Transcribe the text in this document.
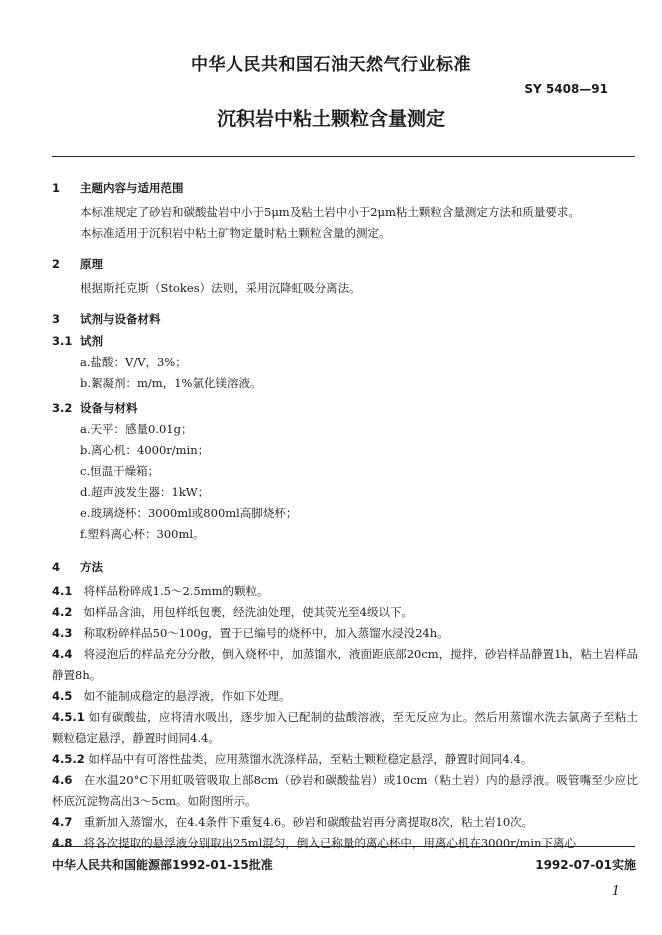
中华人民共和国石油天然气行业标准
SY 5408—91
沉积岩中粘土颗粒含量测定
1 主题内容与适用范围

本标准规定了砂岩和碳酸盐岩中小于5μm及粘土岩中小于2μm粘土颗粒含量测定方法和质量要求。

本标准适用于沉积岩中粘土矿物定量时粘土颗粒含量的测定。

2 原理

根据斯托克斯（Stokes）法则，采用沉降虹吸分离法。

3 试剂与设备材料
3.1 试剂
a.盐酸：V/V，3%；
b.絮凝剂：m/m，1%氯化镁溶液。
3.2 设备与材料
a.天平：感量0.01g；
b.离心机：4000r/min；
c.恒温干燥箱；
d.超声波发生器：1kW；
e.玻璃烧杯：3000ml或800ml高脚烧杯；
f.塑料离心杯：300ml。
4 方法

4.1 将样品粉碎成1.5～2.5mm的颗粒。

4.2 如样品含油，用包样纸包裹，经洗油处理，使其荧光至4级以下。

4.3 称取粉碎样品50～100g，置于已编号的烧杯中，加入蒸馏水浸没24h。

4.4 将浸泡后的样品充分分散，倒入烧杯中，加蒸馏水，液面距底部20cm，搅拌，砂岩样品静置1h，粘土岩样品静置8h。

4.5 如不能制成稳定的悬浮液，作如下处理。

4.5.1 如有碳酸盐，应将清水吸出，逐步加入已配制的盐酸溶液，至无反应为止。然后用蒸馏水洗去氯离子至粘土颗粒稳定悬浮，静置时间同4.4。

4.5.2 如样品中有可溶性盐类，应用蒸馏水洗涤样品，至粘土颗粒稳定悬浮，静置时间同4.4。

4.6 在水温20°C下用虹吸管吸取上部8cm（砂岩和碳酸盐岩）或10cm（粘土岩）内的悬浮液。吸管嘴至少应比杯底沉淀物高出3～5cm。如附图所示。

4.7 重新加入蒸馏水，在4.4条件下重复4.6。砂岩和碳酸盐岩再分离提取8次，粘土岩10次。

4.8 将各次提取的悬浮液分别取出25ml混匀，倒入已称量的离心杯中，用离心机在3000r/min下离心

中华人民共和国能源部1992-01-15批准	1992-07-01实施
1
